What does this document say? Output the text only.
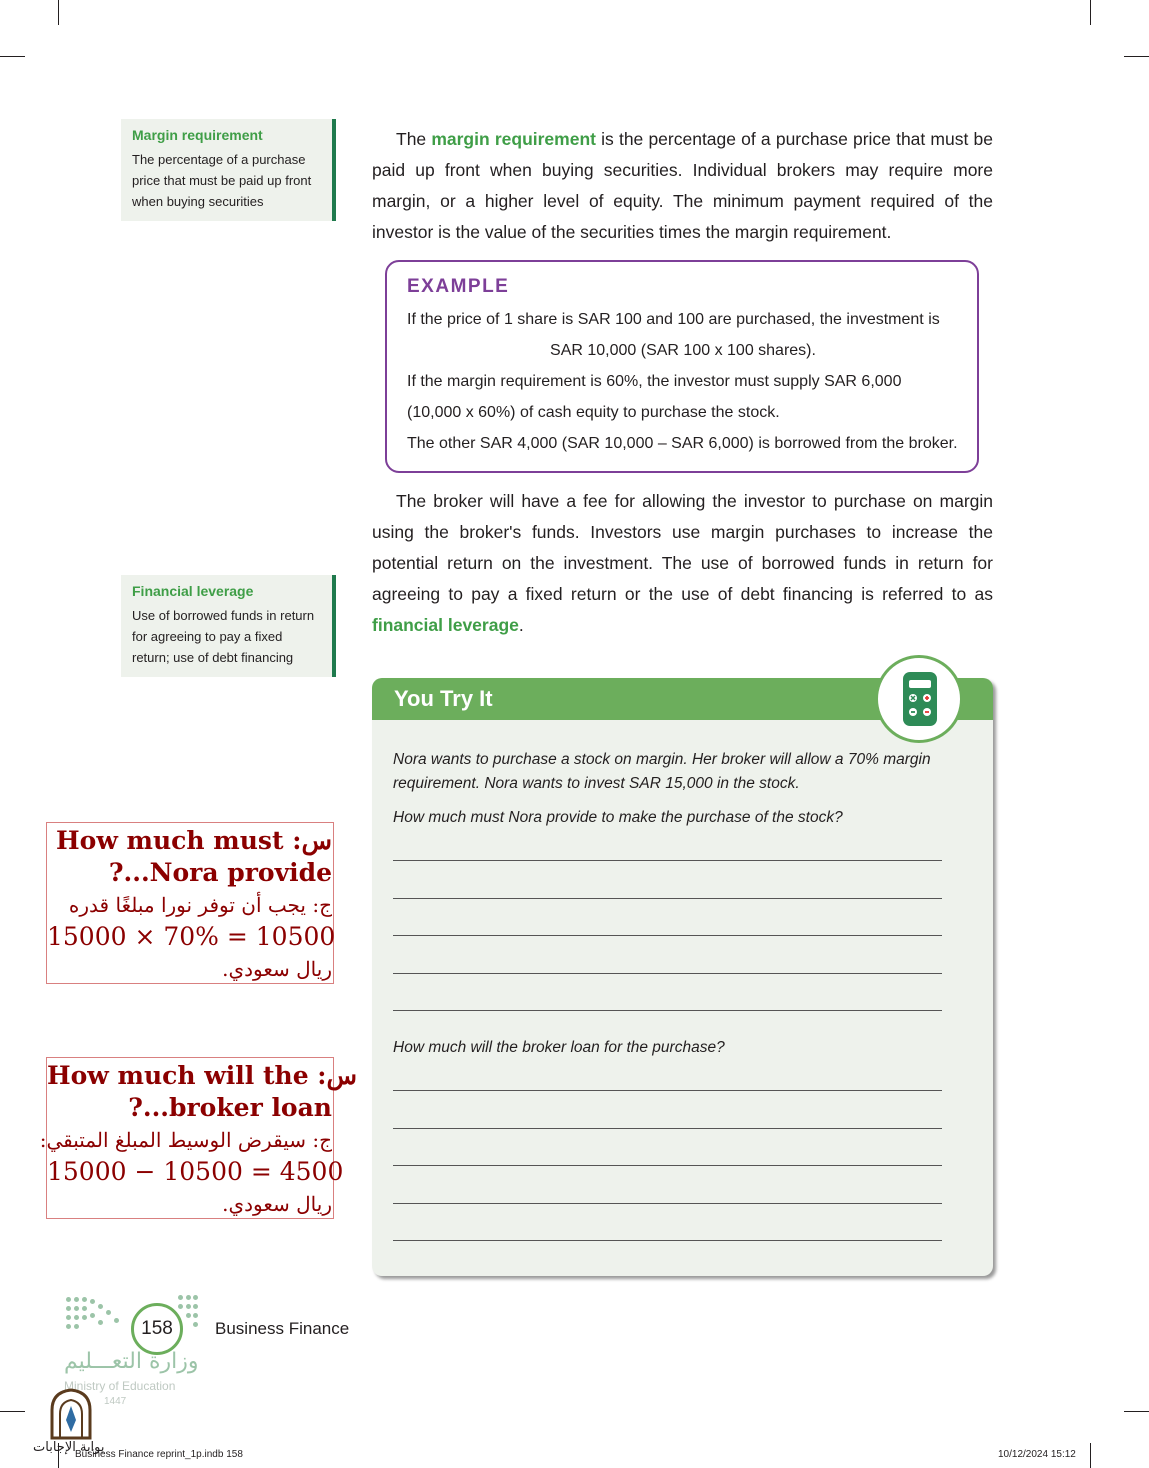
Margin requirement
The percentage of a purchase
price that must be paid up front
when buying securities
Financial leverage
Use of borrowed funds in return
for agreeing to pay a fixed
return; use of debt financing
The margin requirement is the percentage of a purchase price that must be paid up front when buying securities. Individual brokers may require more margin, or a higher level of equity. The minimum payment required of the investor is the value of the securities times the margin requirement.
EXAMPLE
If the price of 1 share is SAR 100 and 100 are purchased, the investment is
SAR 10,000 (SAR 100 x 100 shares).
If the margin requirement is 60%, the investor must supply SAR 6,000
(10,000 x 60%) of cash equity to purchase the stock.
The other SAR 4,000 (SAR 10,000 – SAR 6,000) is borrowed from the broker.
The broker will have a fee for allowing the investor to purchase on margin using the broker's funds. Investors use margin purchases to increase the potential return on the investment. The use of borrowed funds in return for agreeing to pay a fixed return or the use of debt financing is referred to as financial leverage.
You Try It
Nora wants to purchase a stock on margin. Her broker will allow a 70% margin
requirement. Nora wants to invest SAR 15,000 in the stock.
How much must Nora provide to make the purchase of the stock?
How much will the broker loan for the purchase?
How much must :س
?...Nora provide
ج: يجب أن توفر نورا مبلغًا قدره
15000 × 70% = 10500
ريال سعودي.
How much will the :س
?...broker loan
ج: سيقرض الوسيط المبلغ المتبقي:
15000 − 10500 = 4500
ريال سعودي.
158	Business Finance
وزارة التعـــليم
Ministry of Education
1447
بوابة الإجابات
Business Finance reprint_1p.indb 158	10/12/2024 15:12
